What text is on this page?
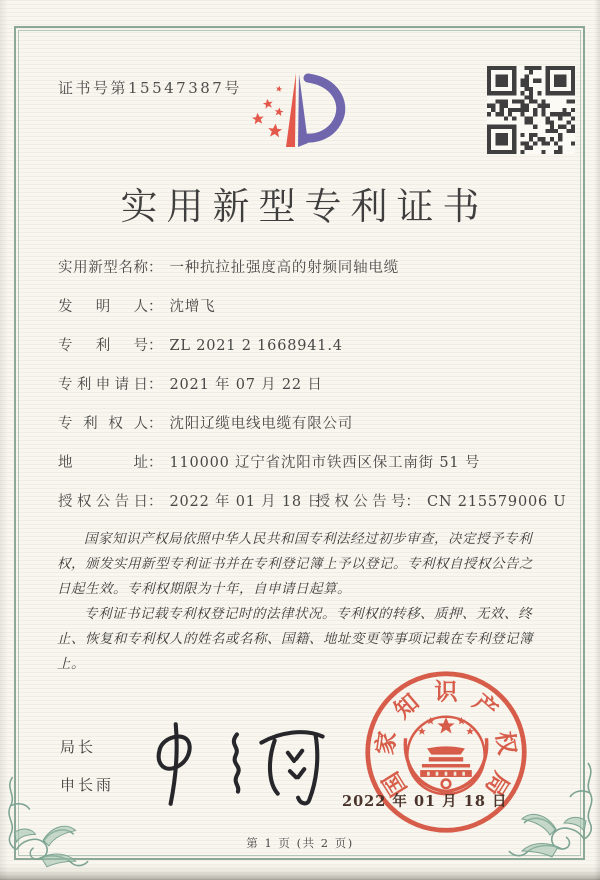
证书号第15547387号
实用新型专利证书
实用新型名称： 一种抗拉扯强度高的射频同轴电缆
发明人： 沈增飞
专利号： ZL 2021 2 1668941.4
专利申请日： 2021 年 07 月 22 日
专利权人： 沈阳辽缆电线电缆有限公司
地址： 110000 辽宁省沈阳市铁西区保工南街 51 号
授权公告日： 2022 年 01 月 18 日授权公告号： CN 215579006 U

国家知识产权局依照中华人民共和国专利法经过初步审查，决定授予专利权，颁发实用新型专利证书并在专利登记簿上予以登记。专利权自授权公告之日起生效。专利权期限为十年，自申请日起算。

专利证书记载专利权登记时的法律状况。专利权的转移、质押、无效、终止、恢复和专利权人的姓名或名称、国籍、地址变更等事项记载在专利登记簿上。

局长
申长雨	国
家
知 识 产
权
局
2022 年 01 月 18 日
第 1 页 (共 2 页)
